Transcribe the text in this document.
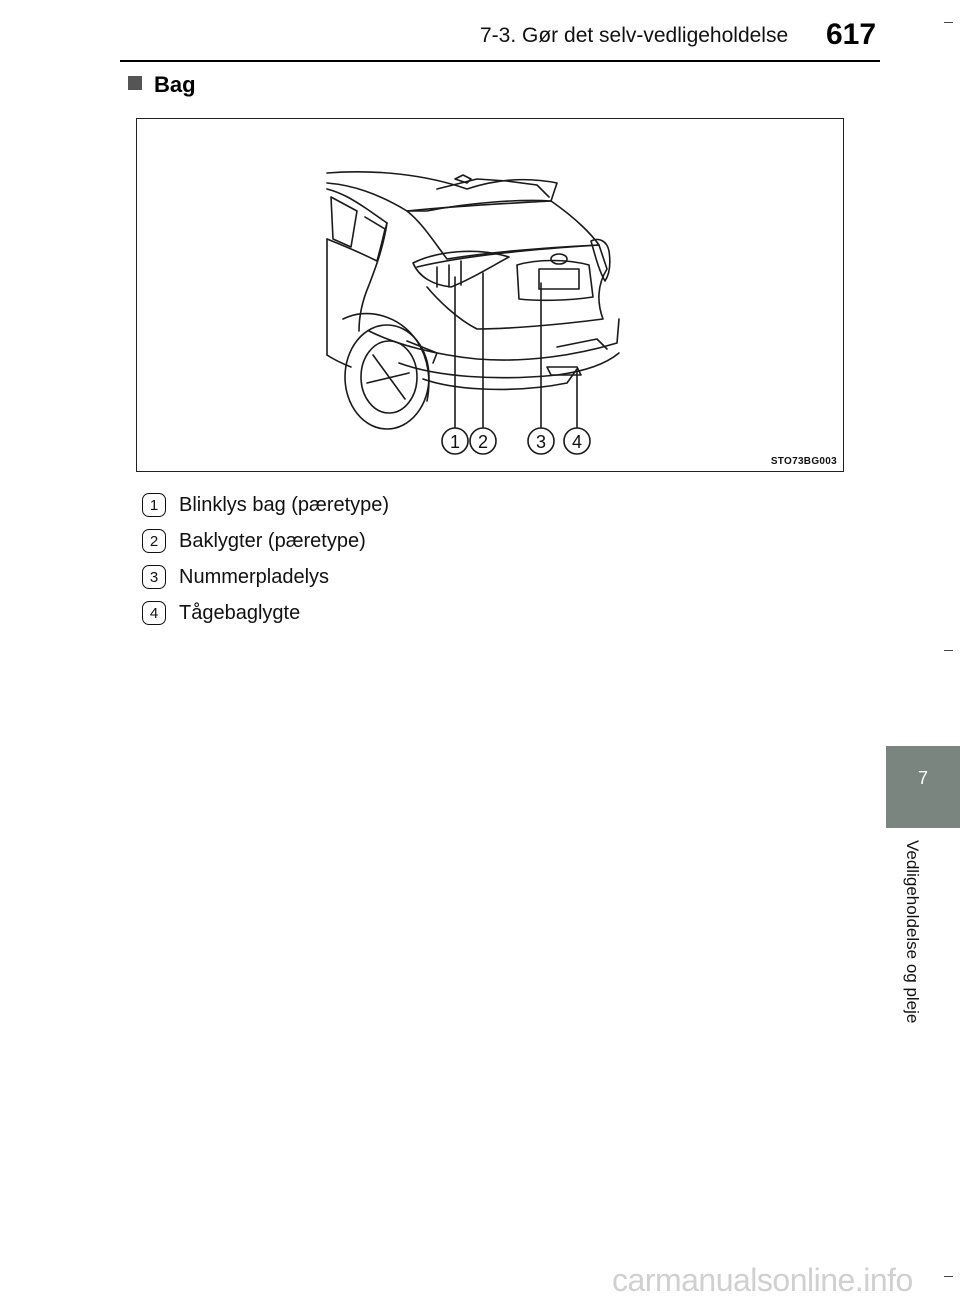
7-3. Gør det selv-vedligeholdelse 617
Bag
1 2	3 4
STO73BG003
1	Blinklys bag (pæretype)
2	Baklygter (pæretype)
3	Nummerpladelys
4	Tågebaglygte
7
Vedligeholdelse og pleje
carmanualsonline.info
